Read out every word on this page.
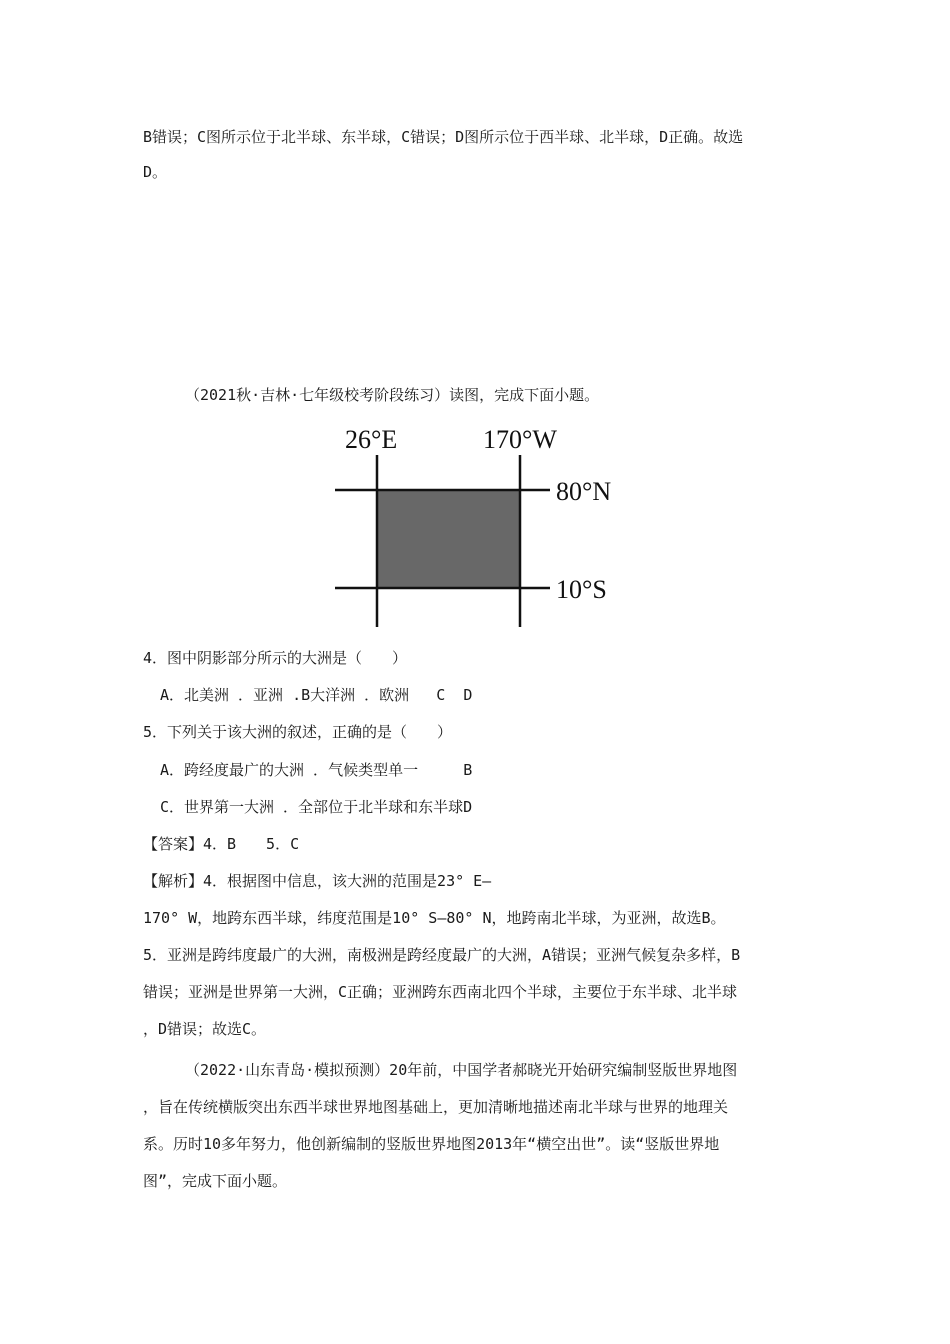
B错误；C图所示位于北半球、东半球，C错误；D图所示位于西半球、北半球，D正确。故选
D。
（2021秋·吉林·七年级校考阶段练习）读图，完成下面小题。
26°E	170°W
80°N
10°S
4．图中阴影部分所示的大洲是（　　）
A．北美洲 ．亚洲 .B大洋洲 ．欧洲   C  D
5．下列关于该大洲的叙述，正确的是（　　）
A．跨经度最广的大洲 ．气候类型单一     B
C．世界第一大洲 ．全部位于北半球和东半球D
【答案】4．B　　5．C
【解析】4．根据图中信息，该大洲的范围是23° E—
170° W，地跨东西半球，纬度范围是10° S—80° N，地跨南北半球，为亚洲，故选B。
5．亚洲是跨纬度最广的大洲，南极洲是跨经度最广的大洲，A错误；亚洲气候复杂多样，B
错误；亚洲是世界第一大洲，C正确；亚洲跨东西南北四个半球，主要位于东半球、北半球
，D错误；故选C。
（2022·山东青岛·模拟预测）20年前，中国学者郝晓光开始研究编制竖版世界地图
，旨在传统横版突出东西半球世界地图基础上，更加清晰地描述南北半球与世界的地理关
系。历时10多年努力，他创新编制的竖版世界地图2013年“横空出世”。读“竖版世界地
图”，完成下面小题。
